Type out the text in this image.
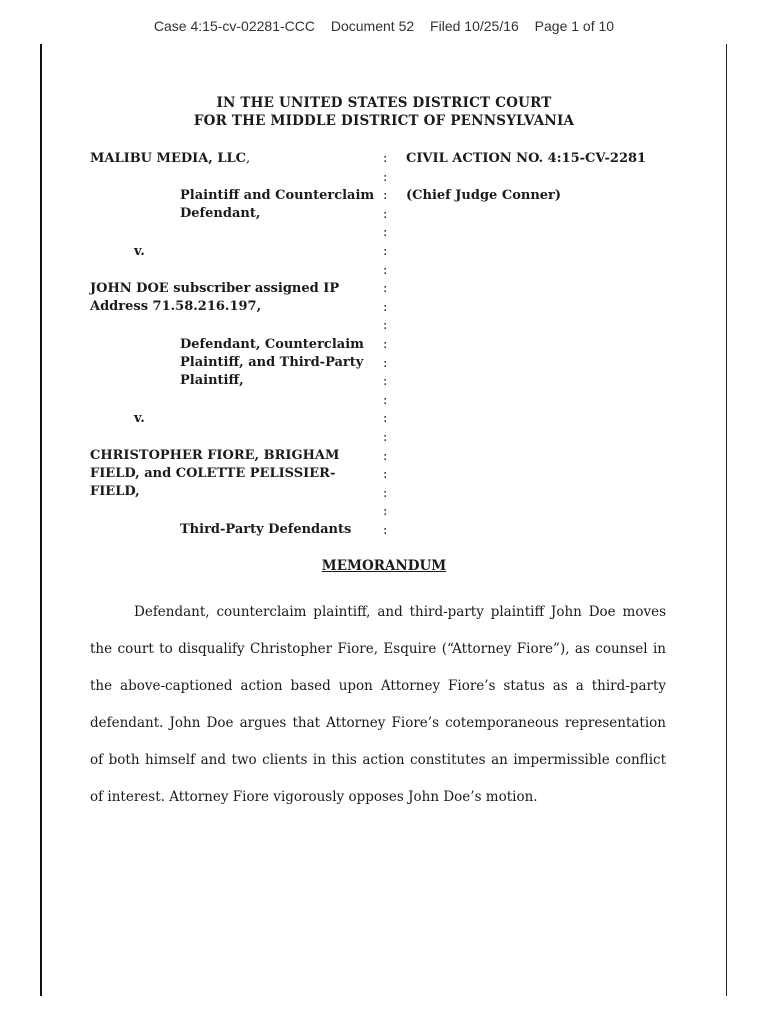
Case 4:15-cv-02281-CCC Document 52 Filed 10/25/16 Page 1 of 10
IN THE UNITED STATES DISTRICT COURT
FOR THE MIDDLE DISTRICT OF PENNSYLVANIA
MALIBU MEDIA, LLC,
Plaintiff and Counterclaim
Defendant,
v.
JOHN DOE subscriber assigned IP
Address 71.58.216.197,
Defendant, Counterclaim
Plaintiff, and Third-Party
Plaintiff,
v.
CHRISTOPHER FIORE, BRIGHAM
FIELD, and COLETTE PELISSIER-
FIELD,
Third-Party Defendants
:
:
:
:
:
:
:
:
:
:
:
:
:
:
:
:
:
:
:
:
:
CIVIL ACTION NO. 4:15-CV-2281
(Chief Judge Conner)
MEMORANDUM

Defendant, counterclaim plaintiff, and third-party plaintiff John Doe moves the court to disqualify Christopher Fiore, Esquire (“Attorney Fiore”), as counsel in the above-captioned action based upon Attorney Fiore’s status as a third-party defendant. John Doe argues that Attorney Fiore’s cotemporaneous representation of both himself and two clients in this action constitutes an impermissible conflict of interest. Attorney Fiore vigorously opposes John Doe’s motion.
